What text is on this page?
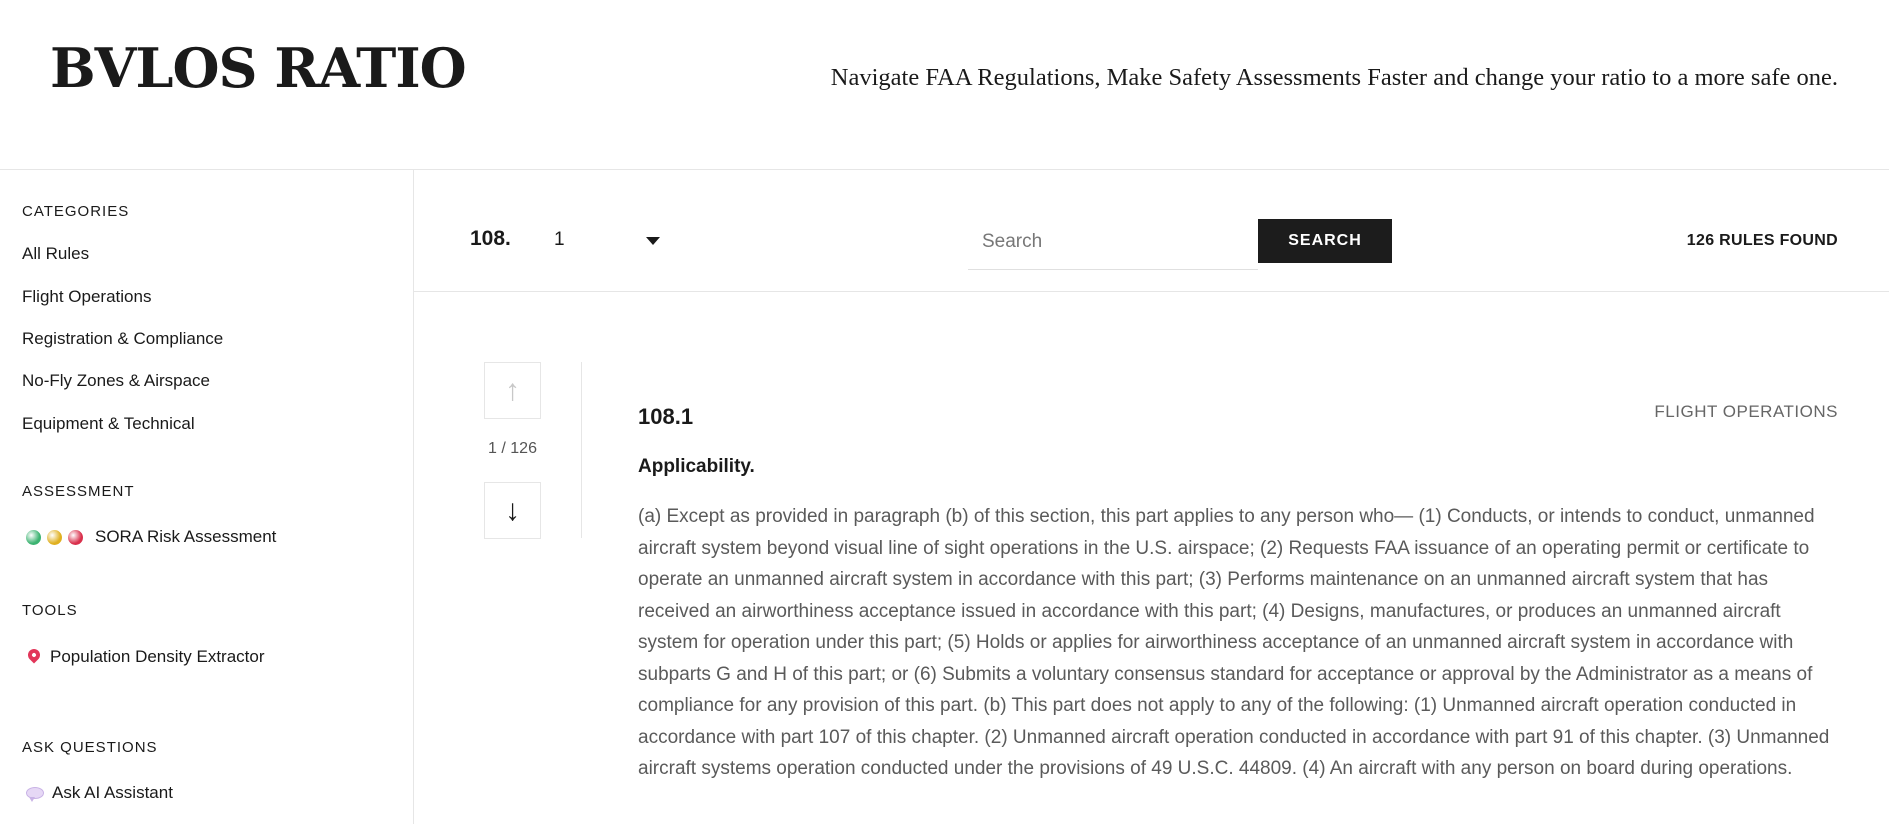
BVLOS RATIO	Navigate FAA Regulations, Make Safety Assessments Faster and change your ratio to a more safe one.
CATEGORIES
All Rules
Flight Operations
Registration & Compliance
No-Fly Zones & Airspace
Equipment & Technical
ASSESSMENT
SORA Risk Assessment
TOOLS
Population Density Extractor
ASK QUESTIONS
Ask AI Assistant
108. 1
Search	SEARCH	126 RULES FOUND
↑
1 / 126
↓
108.1	FLIGHT OPERATIONS
Applicability.

(a) Except as provided in paragraph (b) of this section, this part applies to any person who— (1) Conducts, or intends to conduct, unmanned aircraft system beyond visual line of sight operations in the U.S. airspace; (2) Requests FAA issuance of an operating permit or certificate to operate an unmanned aircraft system in accordance with this part; (3) Performs maintenance on an unmanned aircraft system that has received an airworthiness acceptance issued in accordance with this part; (4) Designs, manufactures, or produces an unmanned aircraft system for operation under this part; (5) Holds or applies for airworthiness acceptance of an unmanned aircraft system in accordance with subparts G and H of this part; or (6) Submits a voluntary consensus standard for acceptance or approval by the Administrator as a means of compliance for any provision of this part. (b) This part does not apply to any of the following: (1) Unmanned aircraft operation conducted in accordance with part 107 of this chapter. (2) Unmanned aircraft operation conducted in accordance with part 91 of this chapter. (3) Unmanned aircraft systems operation conducted under the provisions of 49 U.S.C. 44809. (4) An aircraft with any person on board during operations.
